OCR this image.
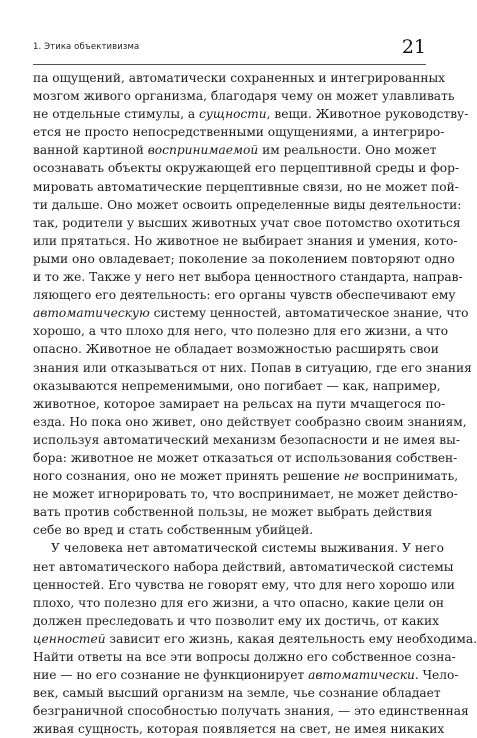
1. Этика объективизма	21
па ощущений, автоматически сохраненных и интегрированных
мозгом живого организма, благодаря чему он может улавливать
не отдельные стимулы, а сущности, вещи. Животное руководству-
ется не просто непосредственными ощущениями, а интегриро-
ванной картиной воспринимаемой им реальности. Оно может
осознавать объекты окружающей его перцептивной среды и фор-
мировать автоматические перцептивные связи, но не может пой-
ти дальше. Оно может освоить определенные виды деятельности:
так, родители у высших животных учат свое потомство охотиться
или прятаться. Но животное не выбирает знания и умения, кото-
рыми оно овладевает; поколение за поколением повторяют одно
и то же. Также у него нет выбора ценностного стандарта, направ-
ляющего его деятельность: его органы чувств обеспечивают ему
автоматическую систему ценностей, автоматическое знание, что
хорошо, а что плохо для него, что полезно для его жизни, а что
опасно. Животное не обладает возможностью расширять свои
знания или отказываться от них. Попав в ситуацию, где его знания
оказываются непременимыми, оно погибает — как, например,
животное, которое замирает на рельсах на пути мчащегося по-
езда. Но пока оно живет, оно действует сообразно своим знаниям,
используя автоматический механизм безопасности и не имея вы-
бора: животное не может отказаться от использования собствен-
ного сознания, оно не может принять решение не воспринимать,
не может игнорировать то, что воспринимает, не может действо-
вать против собственной пользы, не может выбрать действия
себе во вред и стать собственным убийцей.
У человека нет автоматической системы выживания. У него
нет автоматического набора действий, автоматической системы
ценностей. Его чувства не говорят ему, что для него хорошо или
плохо, что полезно для его жизни, а что опасно, какие цели он
должен преследовать и что позволит ему их достичь, от каких
ценностей зависит его жизнь, какая деятельность ему необходима.
Найти ответы на все эти вопросы должно его собственное созна-
ние — но его сознание не функционирует автоматически. Чело-
век, самый высший организм на земле, чье сознание обладает
безграничной способностью получать знания, — это единственная
живая сущность, которая появляется на свет, не имея никаких
